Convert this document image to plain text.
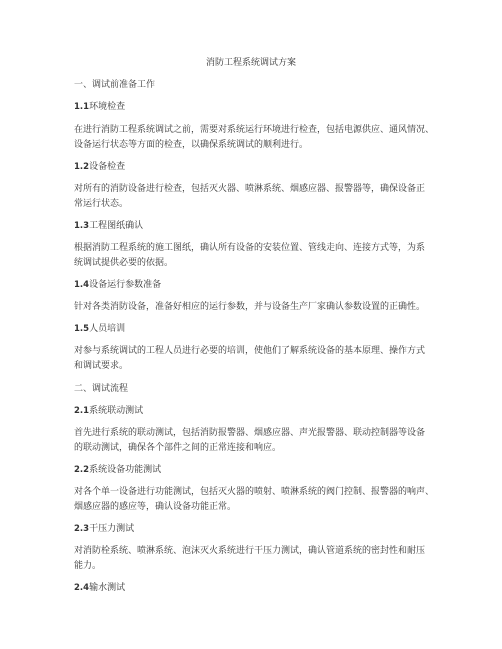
消防工程系统调试方案
一、调试前准备工作
1.1环境检查
在进行消防工程系统调试之前，需要对系统运行环境进行检查，包括电源供应、通风情况、
设备运行状态等方面的检查，以确保系统调试的顺利进行。
1.2设备检查
对所有的消防设备进行检查，包括灭火器、喷淋系统、烟感应器、报警器等，确保设备正
常运行状态。
1.3工程图纸确认
根据消防工程系统的施工图纸，确认所有设备的安装位置、管线走向、连接方式等，为系
统调试提供必要的依据。
1.4设备运行参数准备
针对各类消防设备，准备好相应的运行参数，并与设备生产厂家确认参数设置的正确性。
1.5人员培训
对参与系统调试的工程人员进行必要的培训，使他们了解系统设备的基本原理、操作方式
和调试要求。
二、调试流程
2.1系统联动测试
首先进行系统的联动测试，包括消防报警器、烟感应器、声光报警器、联动控制器等设备
的联动测试，确保各个部件之间的正常连接和响应。
2.2系统设备功能测试
对各个单一设备进行功能测试，包括灭火器的喷射、喷淋系统的阀门控制、报警器的响声、
烟感应器的感应等，确认设备功能正常。
2.3干压力测试
对消防栓系统、喷淋系统、泡沫灭火系统进行干压力测试，确认管道系统的密封性和耐压
能力。
2.4输水测试
